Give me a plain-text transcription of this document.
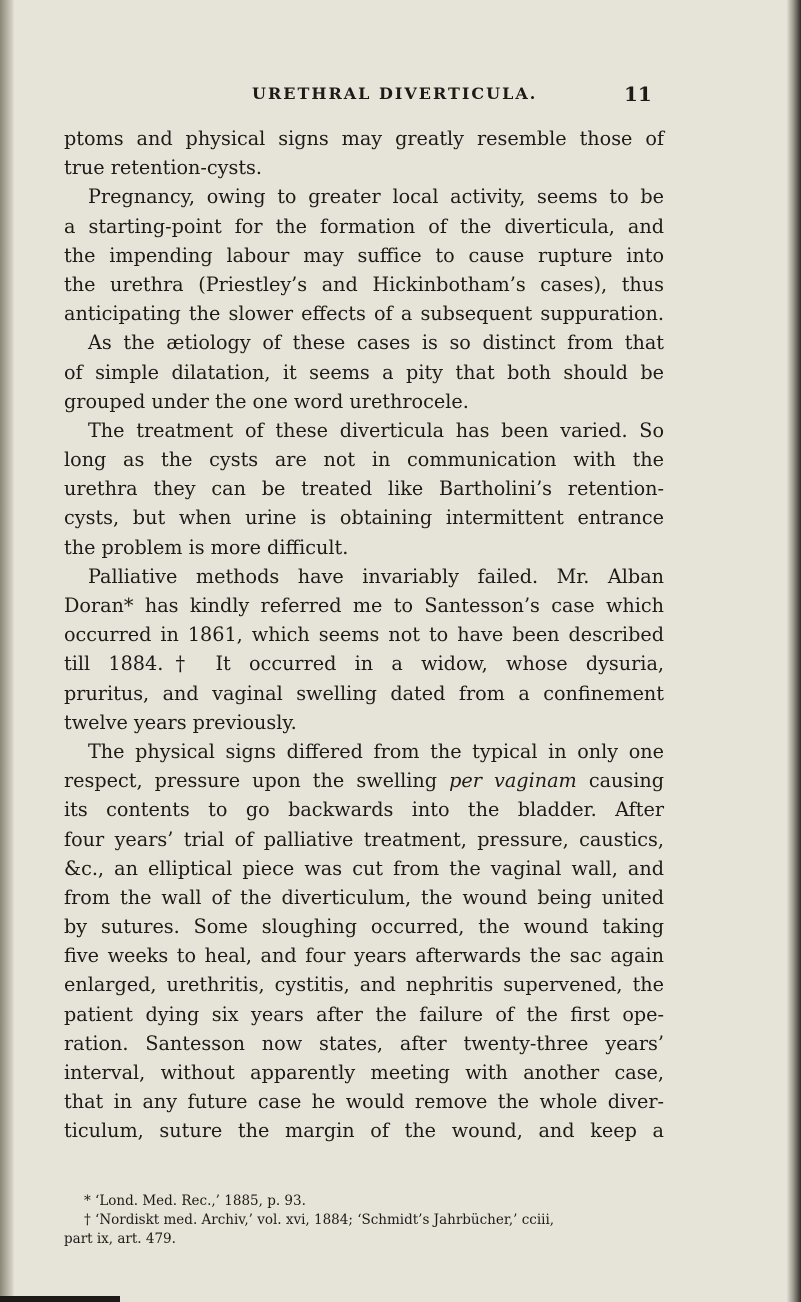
URETHRAL DIVERTICULA.	11
ptoms and physical signs may greatly resemble those of
true retention-cysts.
Pregnancy, owing to greater local activity, seems to be
a starting-point for the formation of the diverticula, and
the impending labour may suffice to cause rupture into
the urethra (Priestley’s and Hickinbotham’s cases), thus
anticipating the slower effects of a subsequent suppuration.
As the ætiology of these cases is so distinct from that
of simple dilatation, it seems a pity that both should be
grouped under the one word urethrocele.
The treatment of these diverticula has been varied. So
long as the cysts are not in communication with the
urethra they can be treated like Bartholini’s retention-
cysts, but when urine is obtaining intermittent entrance
the problem is more difficult.
Palliative methods have invariably failed. Mr. Alban
Doran* has kindly referred me to Santesson’s case which
occurred in 1861, which seems not to have been described
till 1884.† It occurred in a widow, whose dysuria,
pruritus, and vaginal swelling dated from a confinement
twelve years previously.
The physical signs differed from the typical in only one
respect, pressure upon the swelling per vaginam causing
its contents to go backwards into the bladder. After
four years’ trial of palliative treatment, pressure, caustics,
&c., an elliptical piece was cut from the vaginal wall, and
from the wall of the diverticulum, the wound being united
by sutures. Some sloughing occurred, the wound taking
five weeks to heal, and four years afterwards the sac again
enlarged, urethritis, cystitis, and nephritis supervened, the
patient dying six years after the failure of the first ope-
ration. Santesson now states, after twenty-three years’
interval, without apparently meeting with another case,
that in any future case he would remove the whole diver-
ticulum, suture the margin of the wound, and keep a
* ‘Lond. Med. Rec.,’ 1885, p. 93.
† ‘Nordiskt med. Archiv,’ vol. xvi, 1884; ‘Schmidt’s Jahrbücher,’ cciii,
part ix, art. 479.
